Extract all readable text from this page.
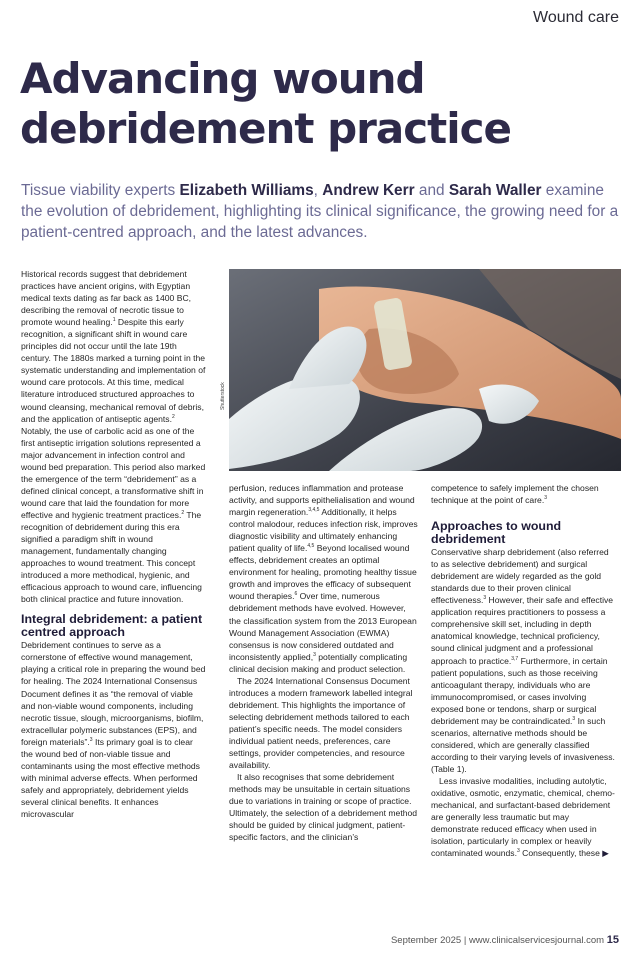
Wound care
Advancing wound debridement practice

Tissue viability experts Elizabeth Williams, Andrew Kerr and Sarah Waller examine the evolution of debridement, highlighting its clinical significance, the growing need for a patient-centred approach, and the latest advances.

Shutterstock

Historical records suggest that debridement practices have ancient origins, with Egyptian medical texts dating as far back as 1400 BC, describing the removal of necrotic tissue to promote wound healing.$^1$ Despite this early recognition, a significant shift in wound care principles did not occur until the late 19th century. The 1880s marked a turning point in the systematic understanding and implementation of wound care protocols. At this time, medical literature introduced structured approaches to wound cleansing, mechanical removal of debris, and the application of antiseptic agents.$^2$ Notably, the use of carbolic acid as one of the first antiseptic irrigation solutions represented a major advancement in infection control and wound bed preparation. This period also marked the emergence of the term “debridement” as a defined clinical concept, a transformative shift in wound care that laid the foundation for more effective and hygienic treatment practices.$^2$ The recognition of debridement during this era signified a paradigm shift in wound management, fundamentally changing approaches to wound treatment. This concept introduced a more methodical, hygienic, and efficacious approach to wound care, influencing both clinical practice and future innovation.

Integral debridement: a patient centred approach

Debridement continues to serve as a cornerstone of effective wound management, playing a critical role in preparing the wound bed for healing. The 2024 International Consensus Document defines it as “the removal of viable and non-viable wound components, including necrotic tissue, slough, microorganisms, biofilm, extracellular polymeric substances (EPS), and foreign materials”.$^3$ Its primary goal is to clear the wound bed of non-viable tissue and contaminants using the most effective methods with minimal adverse effects. When performed safely and appropriately, debridement yields several clinical benefits. It enhances microvascular

perfusion, reduces inflammation and protease activity, and supports epithelialisation and wound margin regeneration.$^{3,4,5}$ Additionally, it helps control malodour, reduces infection risk, improves diagnostic visibility and ultimately enhancing patient quality of life.$^{4,5}$ Beyond localised wound effects, debridement creates an optimal environment for healing, promoting healthy tissue growth and improves the efficacy of subsequent wound therapies.$^6$ Over time, numerous debridement methods have evolved. However, the classification system from the 2013 European Wound Management Association (EWMA) consensus is now considered outdated and inconsistently applied,$^3$ potentially complicating clinical decision making and product selection.

The 2024 International Consensus Document introduces a modern framework labelled integral debridement. This highlights the importance of selecting debridement methods tailored to each patient’s specific needs. The model considers individual patient needs, preferences, care settings, provider competencies, and resource availability.

It also recognises that some debridement methods may be unsuitable in certain situations due to variations in training or scope of practice. Ultimately, the selection of a debridement method should be guided by clinical judgment, patient-specific factors, and the clinician’s

competence to safely implement the chosen technique at the point of care.$^3$

Approaches to wound debridement

Conservative sharp debridement (also referred to as selective debridement) and surgical debridement are widely regarded as the gold standards due to their proven clinical effectiveness.$^3$ However, their safe and effective application requires practitioners to possess a comprehensive skill set, including in depth anatomical knowledge, technical proficiency, sound clinical judgment and a professional approach to practice.$^{3,7}$ Furthermore, in certain patient populations, such as those receiving anticoagulant therapy, individuals who are immunocompromised, or cases involving exposed bone or tendons, sharp or surgical debridement may be contraindicated.$^3$ In such scenarios, alternative methods should be considered, which are generally classified according to their varying levels of invasiveness. (Table 1).

Less invasive modalities, including autolytic, oxidative, osmotic, enzymatic, chemical, chemo-mechanical, and surfactant-based debridement are generally less traumatic but may demonstrate reduced efficacy when used in isolation, particularly in complex or heavily contaminated wounds.$^3$ Consequently, these ▶

September 2025 | www.clinicalservicesjournal.com 15
